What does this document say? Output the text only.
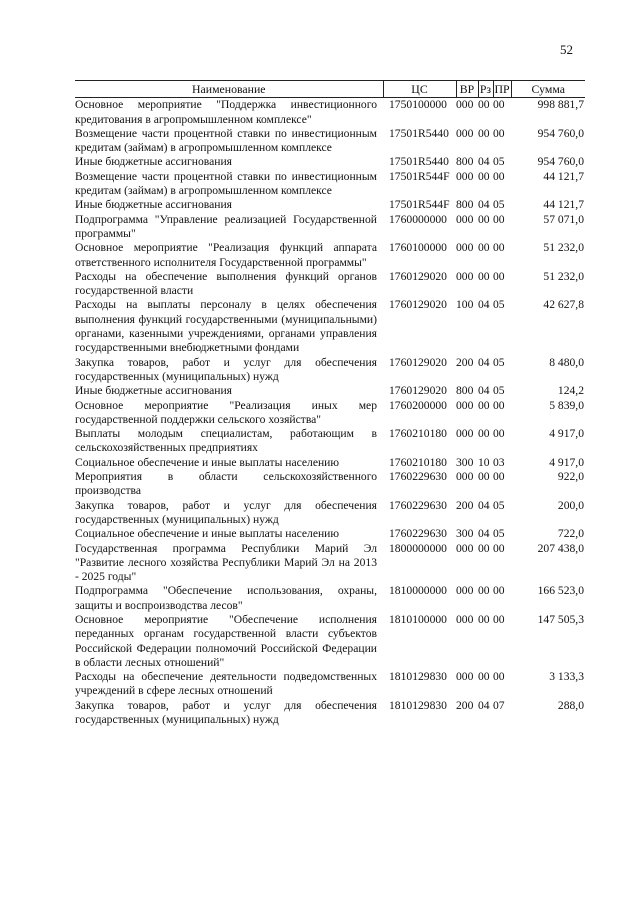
52
Наименование	ЦС	ВР	Рз	ПР	Сумма
Основное мероприятие "Поддержка инвестиционного кредитования в агропромышленном комплексе"	1750100000	000	00	00	998 881,7
Возмещение части процентной ставки по инвестиционным кредитам (займам) в агропромышленном комплексе	17501R5440	000	00	00	954 760,0
Иные бюджетные ассигнования	17501R5440	800	04	05	954 760,0
Возмещение части процентной ставки по инвестиционным кредитам (займам) в агропромышленном комплексе	17501R544F	000	00	00	44 121,7
Иные бюджетные ассигнования	17501R544F	800	04	05	44 121,7
Подпрограмма "Управление реализацией Государственной программы"	1760000000	000	00	00	57 071,0
Основное мероприятие "Реализация функций аппарата ответственного исполнителя Государственной программы"	1760100000	000	00	00	51 232,0
Расходы на обеспечение выполнения функций органов государственной власти	1760129020	000	00	00	51 232,0
Расходы на выплаты персоналу в целях обеспечения выполнения функций государственными (муниципальными) органами, казенными учреждениями, органами управления государственными внебюджетными фондами	1760129020	100	04	05	42 627,8
Закупка товаров, работ и услуг для обеспечения государственных (муниципальных) нужд	1760129020	200	04	05	8 480,0
Иные бюджетные ассигнования	1760129020	800	04	05	124,2
Основное мероприятие "Реализация иных мер государственной поддержки сельского хозяйства"	1760200000	000	00	00	5 839,0
Выплаты молодым специалистам, работающим в сельскохозяйственных предприятиях	1760210180	000	00	00	4 917,0
Социальное обеспечение и иные выплаты населению	1760210180	300	10	03	4 917,0
Мероприятия в области сельскохозяйственного производства	1760229630	000	00	00	922,0
Закупка товаров, работ и услуг для обеспечения государственных (муниципальных) нужд	1760229630	200	04	05	200,0
Социальное обеспечение и иные выплаты населению	1760229630	300	04	05	722,0
Государственная программа Республики Марий Эл "Развитие лесного хозяйства Республики Марий Эл на 2013 - 2025 годы"	1800000000	000	00	00	207 438,0
Подпрограмма "Обеспечение использования, охраны, защиты и воспроизводства лесов"	1810000000	000	00	00	166 523,0
Основное мероприятие "Обеспечение исполнения переданных органам государственной власти субъектов Российской Федерации полномочий Российской Федерации в области лесных отношений"	1810100000	000	00	00	147 505,3
Расходы на обеспечение деятельности подведомственных учреждений в сфере лесных отношений	1810129830	000	00	00	3 133,3
Закупка товаров, работ и услуг для обеспечения государственных (муниципальных) нужд	1810129830	200	04	07	288,0
